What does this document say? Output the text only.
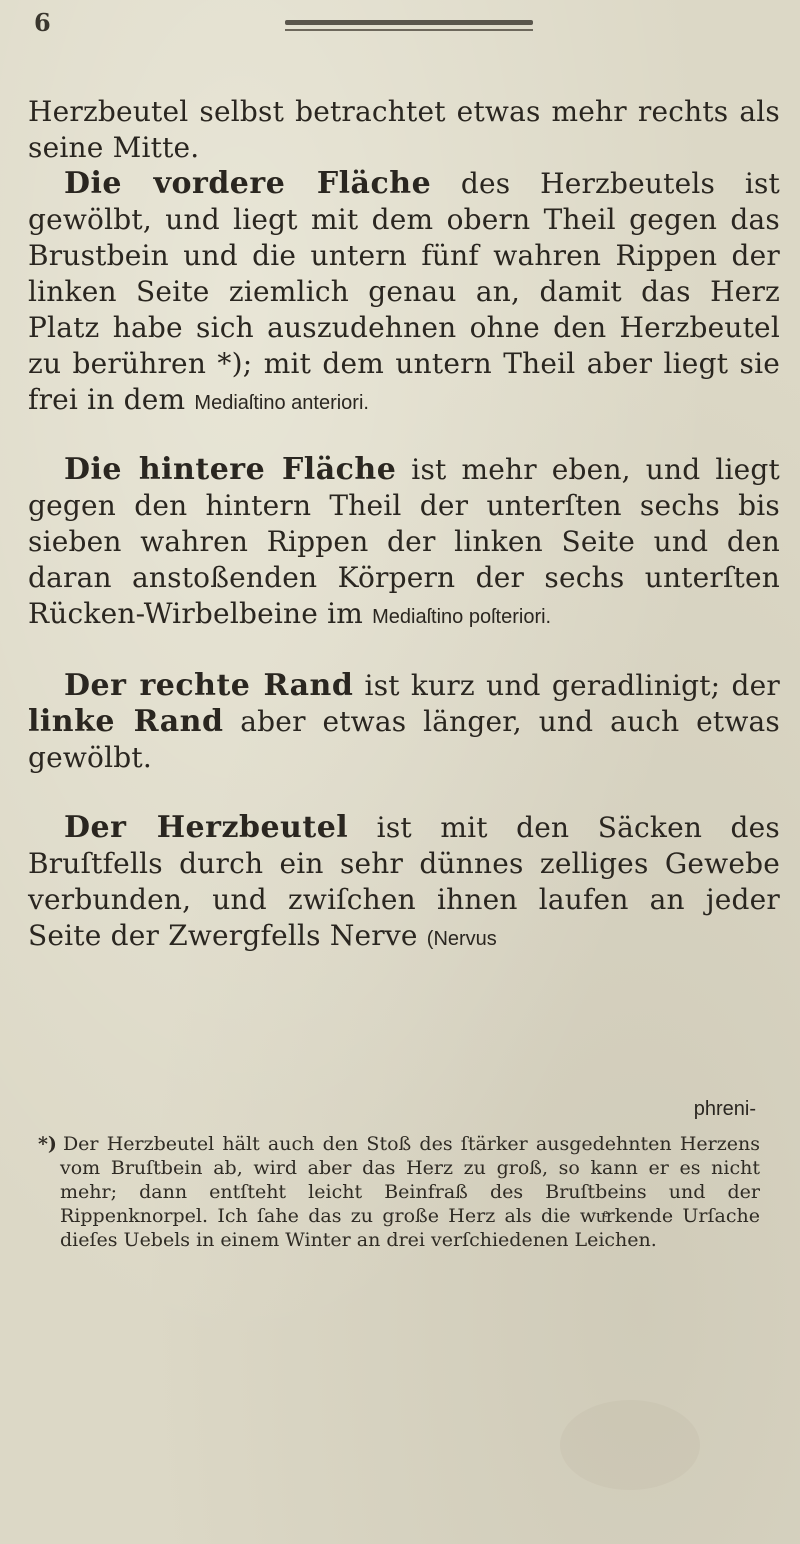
6

Herzbeutel selbst betrachtet etwas mehr rechts als seine Mitte.

Die vordere Fläche des Herzbeutels ist gewölbt, und liegt mit dem obern Theil gegen das Brustbein und die untern fünf wahren Rippen der linken Seite ziemlich genau an, damit das Herz Platz habe sich auszudehnen ohne den Herzbeutel zu berühren *); mit dem untern Theil aber liegt sie frei in dem Mediaſtino anteriori.

Die hintere Fläche ist mehr eben, und liegt gegen den hintern Theil der unterſten sechs bis sieben wahren Rippen der linken Seite und den daran anstoßenden Körpern der sechs unterſten Rücken-Wirbelbeine im Mediaſtino poſteriori.

Der rechte Rand ist kurz und geradlinigt; der linke Rand aber etwas länger, und auch etwas gewölbt.

Der Herzbeutel ist mit den Säcken des Bruſtfells durch ein sehr dünnes zelliges Gewebe verbunden, und zwiſchen ihnen laufen an jeder Seite der Zwergfells Nerve (Nervus

phreni-

*) Der Herzbeutel hält auch den Stoß des ſtärker ausgedehnten Herzens vom Bruſtbein ab, wird aber das Herz zu groß, so kann er es nicht mehr; dann entſteht leicht Beinfraß des Bruſtbeins und der Rippenknorpel. Ich ſahe das zu große Herz als die wuͤrkende Urſache dieſes Uebels in einem Winter an drei verſchiedenen Leichen.
